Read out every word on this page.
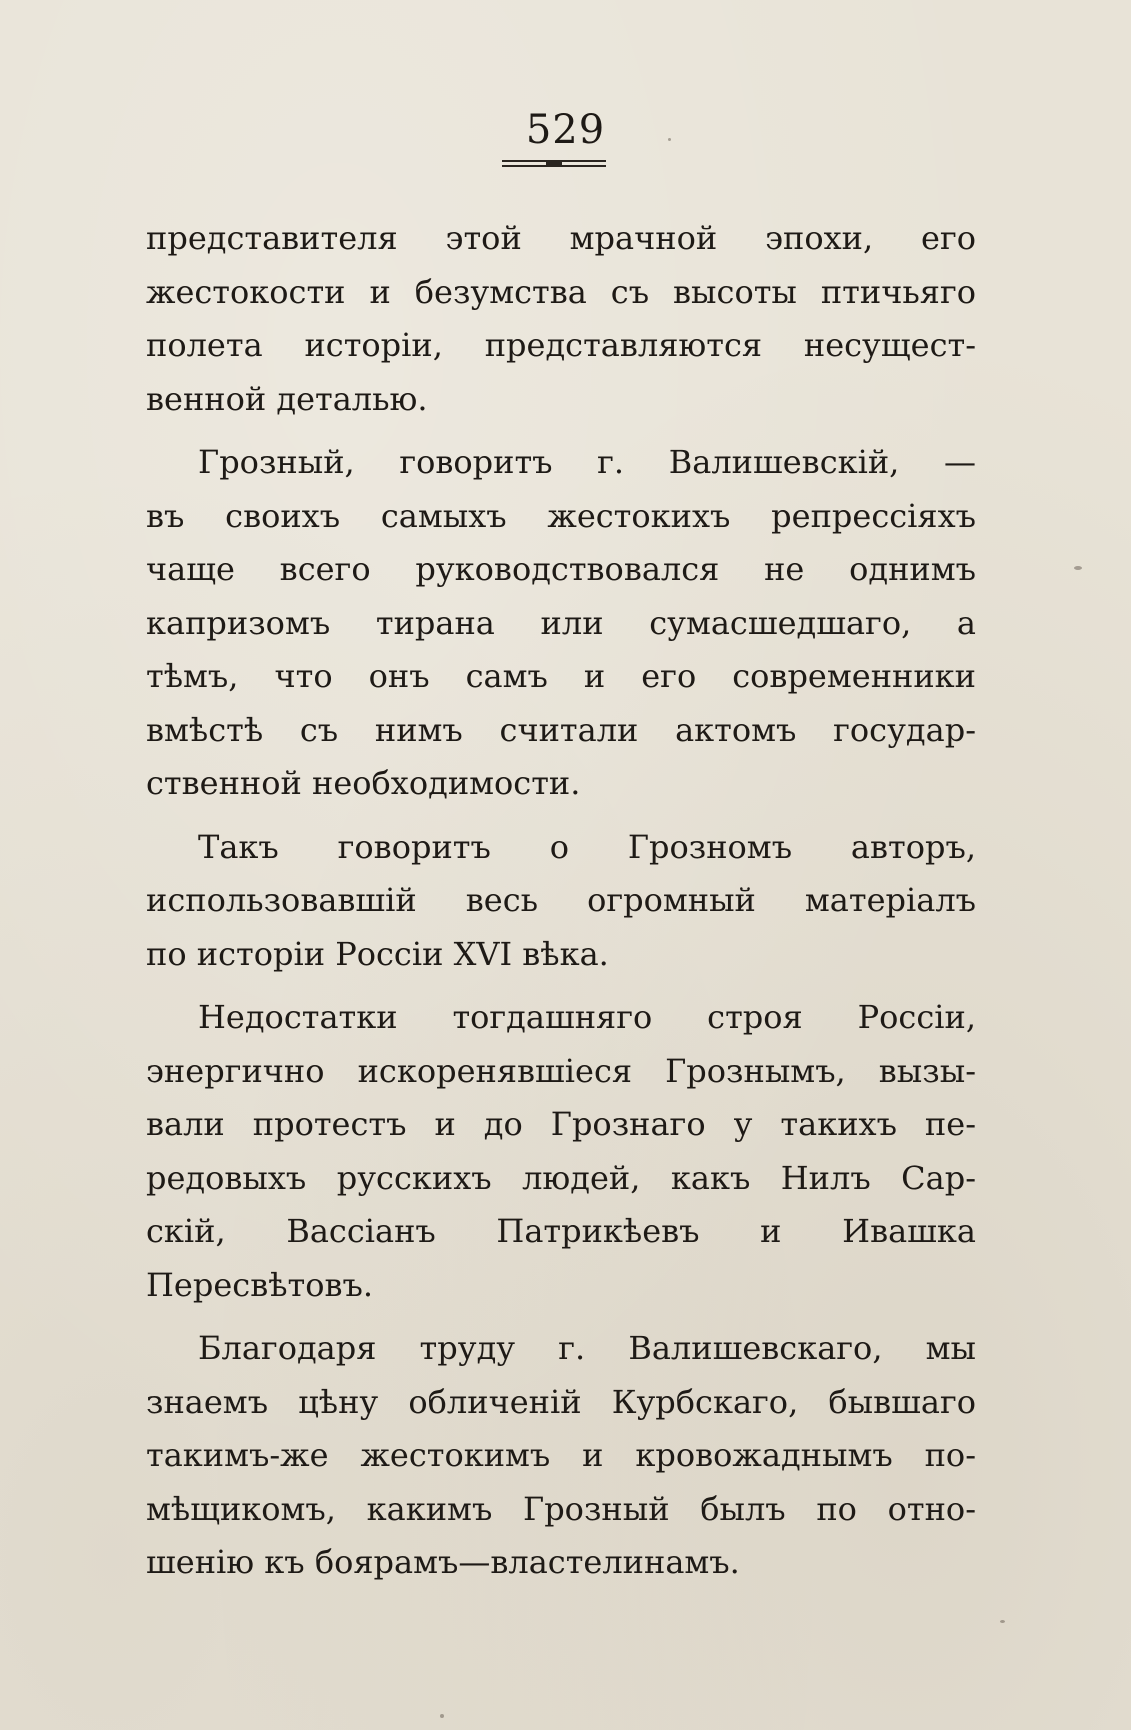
529
представителя этой мрачной эпохи, его
жестокости и безумства съ высоты птичьяго
полета исторіи, представляются несущест-
венной деталью.
Грозный, говоритъ г. Валишевскій, —
въ своихъ самыхъ жестокихъ репрессіяхъ
чаще всего руководствовался не однимъ
капризомъ тирана или сумасшедшаго, а
тѣмъ, что онъ самъ и его современники
вмѣстѣ съ нимъ считали актомъ государ-
ственной необходимости.
Такъ говоритъ о Грозномъ авторъ,
использовавшій весь огромный матеріалъ
по исторіи Россіи XVI вѣка.
Недостатки тогдашняго строя Россіи,
энергично искоренявшіеся Грознымъ, вызы-
вали протестъ и до Грознаго у такихъ пе-
редовыхъ русскихъ людей, какъ Нилъ Сар-
скій, Вассіанъ Патрикѣевъ и Ивашка
Пересвѣтовъ.
Благодаря труду г. Валишевскаго, мы
знаемъ цѣну обличеній Курбскаго, бывшаго
такимъ-же жестокимъ и кровожаднымъ по-
мѣщикомъ, какимъ Грозный былъ по отно-
шенію къ боярамъ—властелинамъ.
